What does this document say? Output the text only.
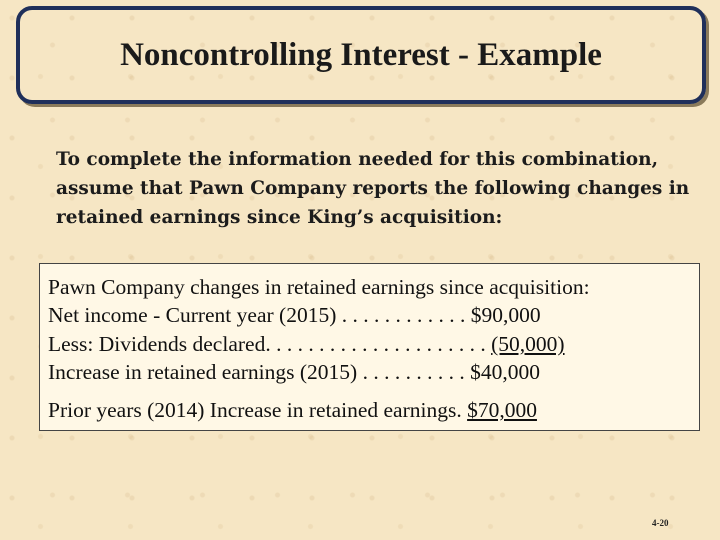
Noncontrolling Interest - Example
To complete the information needed for this combination,
assume that Pawn Company reports the following changes in
retained earnings since King’s acquisition:
Pawn Company changes in retained earnings since acquisition:
Net income - Current year (2015) . . . . . . . . . . . . $90,000
Less: Dividends declared. . . . . . . . . . . . . . . . . . . . . (50,000)
Increase in retained earnings (2015) . . . . . . . . . . $40,000
Prior years (2014) Increase in retained earnings. $70,000
4-20
